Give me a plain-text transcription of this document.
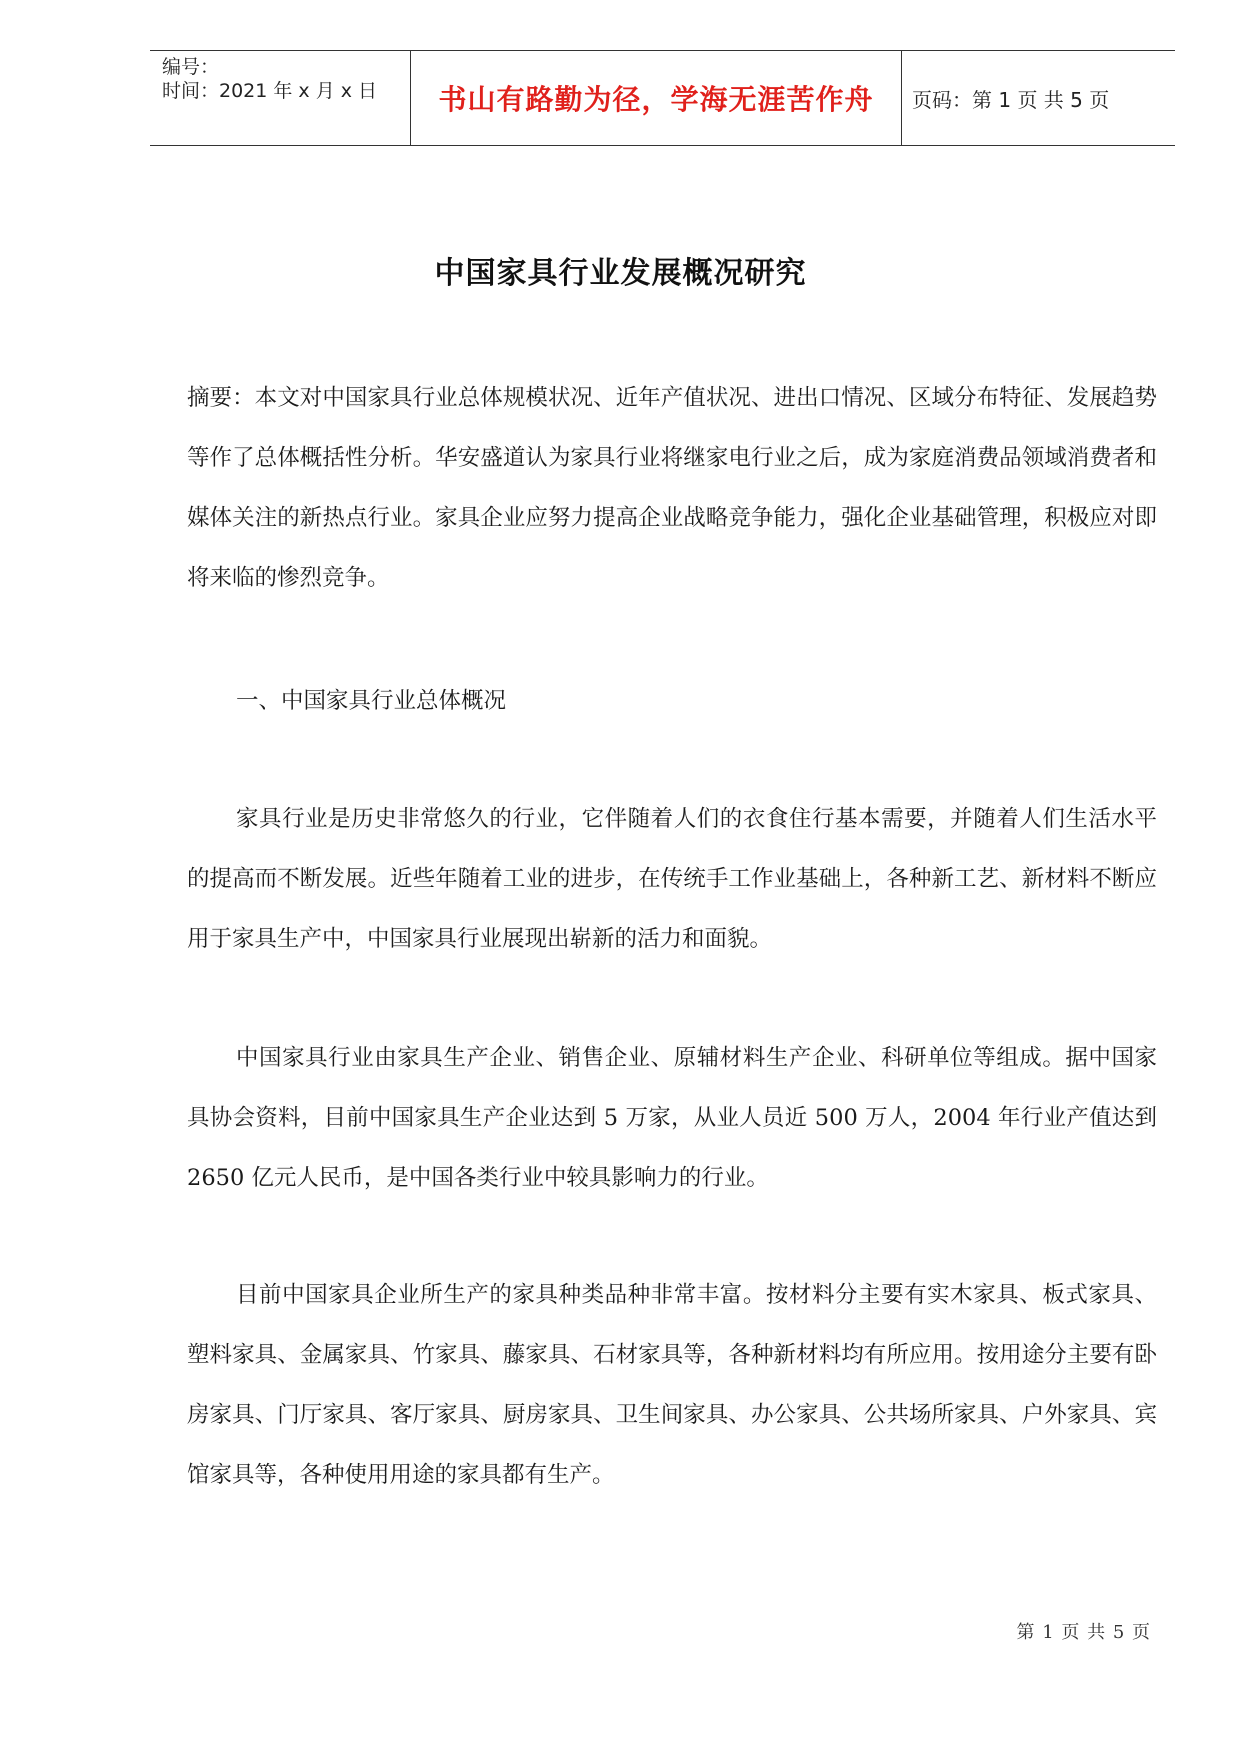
编号：
时间：2021 年 x 月 x 日	书山有路勤为径，学海无涯苦作舟 页码：第 1 页 共 5 页
中国家具行业发展概况研究

摘要：本文对中国家具行业总体规模状况、近年产值状况、进出口情况、区域分布特征、发展趋势等作了总体概括性分析。华安盛道认为家具行业将继家电行业之后，成为家庭消费品领域消费者和媒体关注的新热点行业。家具企业应努力提高企业战略竞争能力，强化企业基础管理，积极应对即将来临的惨烈竞争。

一、中国家具行业总体概况

家具行业是历史非常悠久的行业，它伴随着人们的衣食住行基本需要，并随着人们生活水平的提高而不断发展。近些年随着工业的进步，在传统手工作业基础上，各种新工艺、新材料不断应用于家具生产中，中国家具行业展现出崭新的活力和面貌。

中国家具行业由家具生产企业、销售企业、原辅材料生产企业、科研单位等组成。据中国家具协会资料，目前中国家具生产企业达到 5 万家，从业人员近 500 万人，2004 年行业产值达到 2650 亿元人民币，是中国各类行业中较具影响力的行业。

目前中国家具企业所生产的家具种类品种非常丰富。按材料分主要有实木家具、板式家具、塑料家具、金属家具、竹家具、藤家具、石材家具等，各种新材料均有所应用。按用途分主要有卧房家具、门厅家具、客厅家具、厨房家具、卫生间家具、办公家具、公共场所家具、户外家具、宾馆家具等，各种使用用途的家具都有生产。

第 1 页 共 5 页
